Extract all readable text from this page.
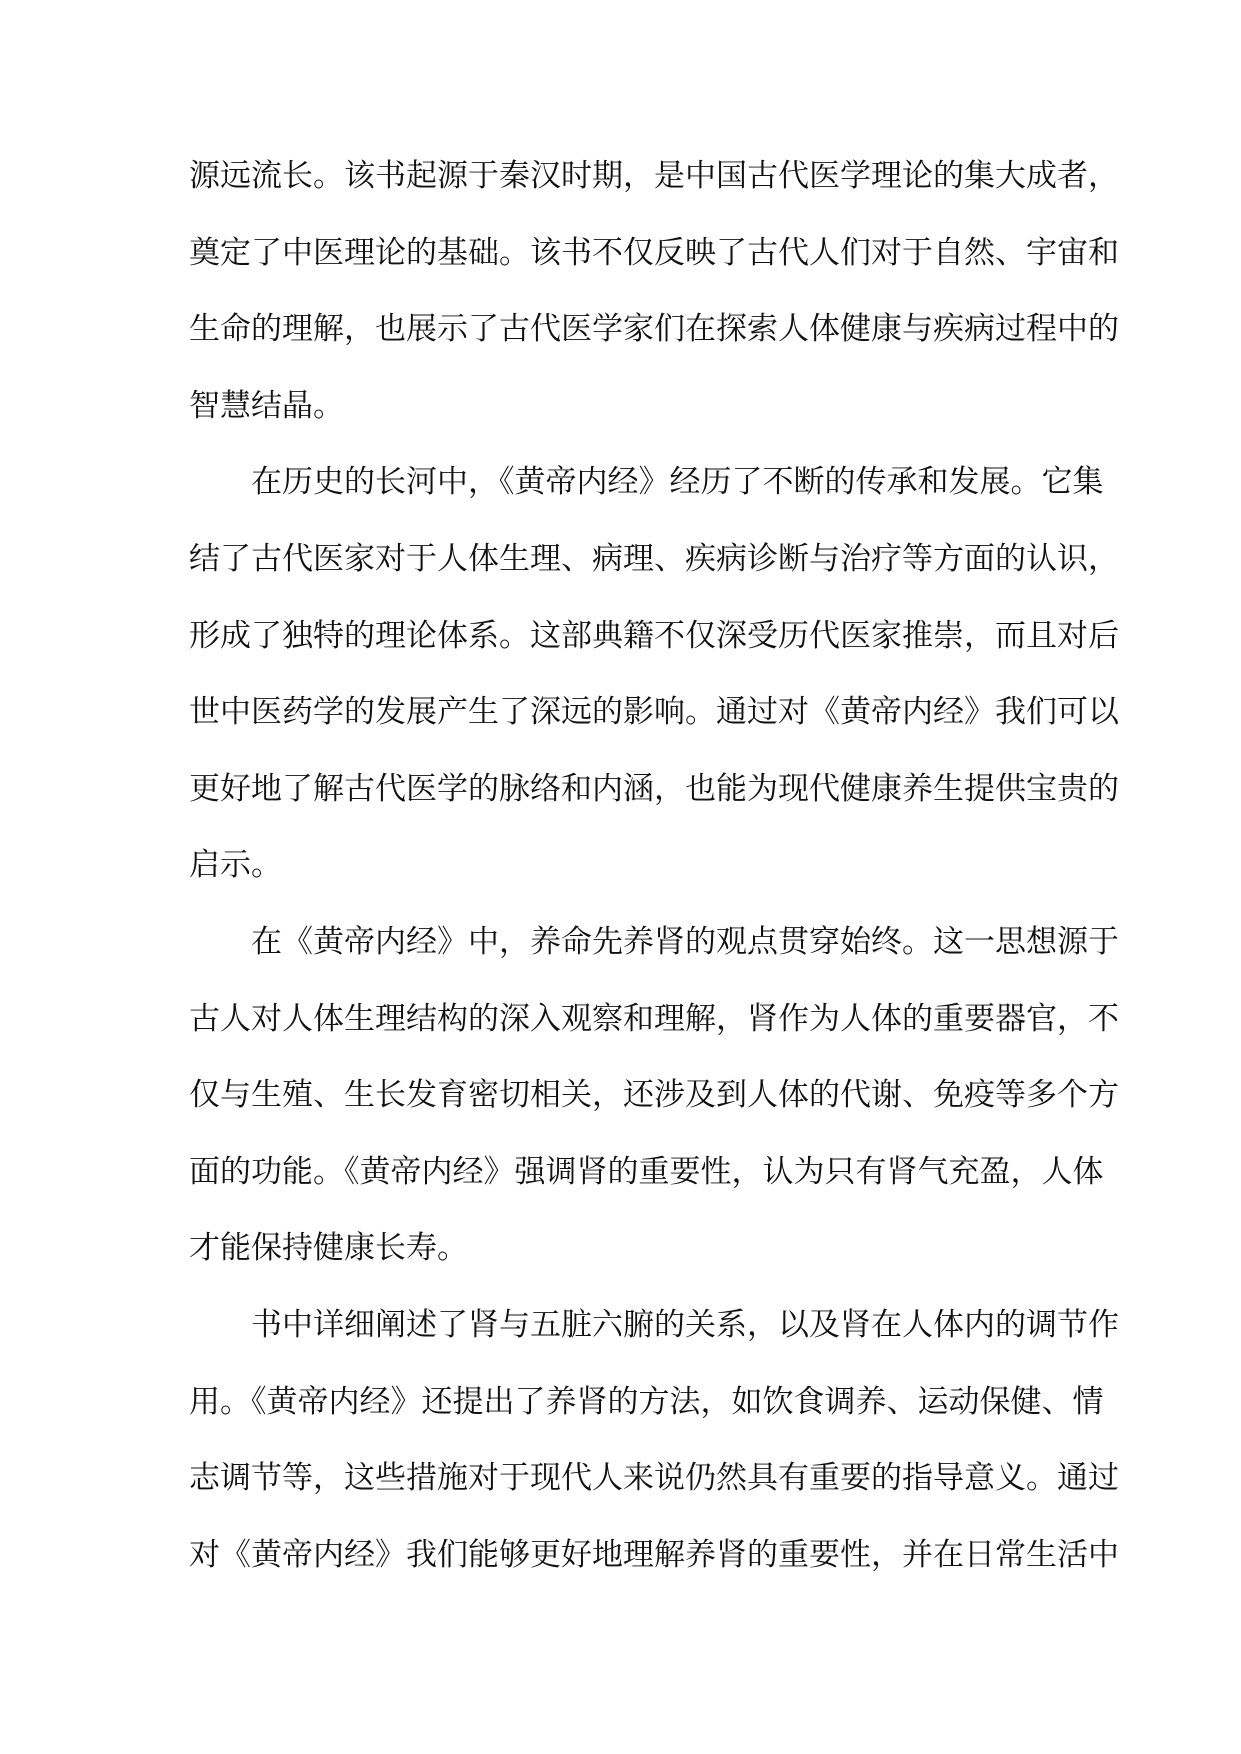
源远流长。该书起源于秦汉时期，是中国古代医学理论的集大成者，
奠定了中医理论的基础。该书不仅反映了古代人们对于自然、宇宙和
生命的理解，也展示了古代医学家们在探索人体健康与疾病过程中的
智慧结晶。
在历史的长河中，《黄帝内经》经历了不断的传承和发展。它集
结了古代医家对于人体生理、病理、疾病诊断与治疗等方面的认识，
形成了独特的理论体系。这部典籍不仅深受历代医家推崇，而且对后
世中医药学的发展产生了深远的影响。通过对《黄帝内经》我们可以
更好地了解古代医学的脉络和内涵，也能为现代健康养生提供宝贵的
启示。
在《黄帝内经》中，养命先养肾的观点贯穿始终。这一思想源于
古人对人体生理结构的深入观察和理解，肾作为人体的重要器官，不
仅与生殖、生长发育密切相关，还涉及到人体的代谢、免疫等多个方
面的功能。《黄帝内经》强调肾的重要性，认为只有肾气充盈，人体
才能保持健康长寿。
书中详细阐述了肾与五脏六腑的关系，以及肾在人体内的调节作
用。《黄帝内经》还提出了养肾的方法，如饮食调养、运动保健、情
志调节等，这些措施对于现代人来说仍然具有重要的指导意义。通过
对《黄帝内经》我们能够更好地理解养肾的重要性，并在日常生活中
